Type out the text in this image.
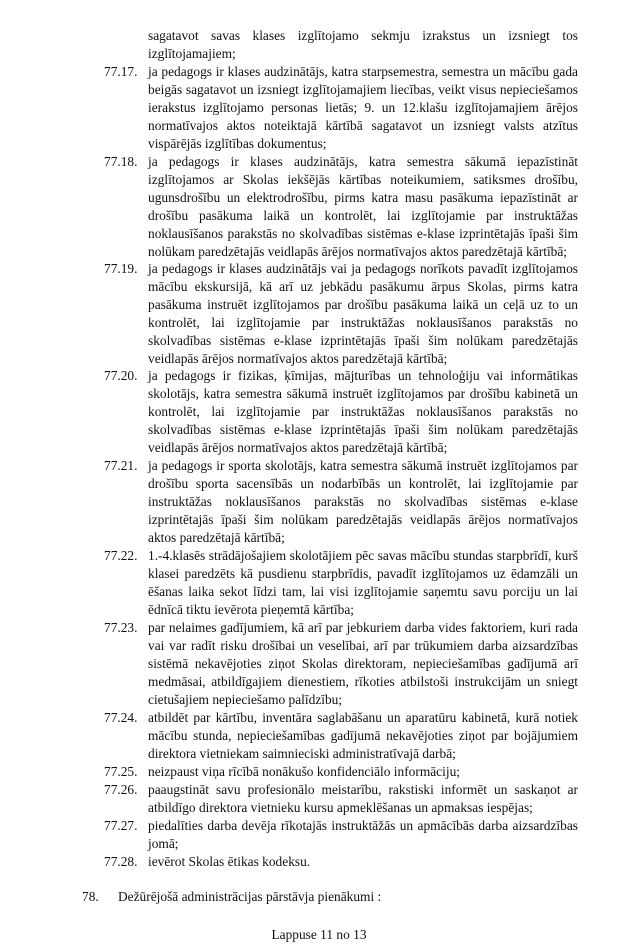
sagatavot savas klases izglītojamo sekmju izrakstus un izsniegt tos izglītojamajiem;
77.17. ja pedagogs ir klases audzinātājs, katra starpsemestra, semestra un mācību gada beigās sagatavot un izsniegt izglītojamajiem liecības, veikt visus nepieciešamos ierakstus izglītojamo personas lietās; 9. un 12.klašu izglītojamajiem ārējos normatīvajos aktos noteiktajā kārtībā sagatavot un izsniegt valsts atzītus vispārējās izglītības dokumentus;
77.18. ja pedagogs ir klases audzinātājs, katra semestra sākumā iepazīstināt izglītojamos ar Skolas iekšējās kārtības noteikumiem, satiksmes drošību, ugunsdrošību un elektrodrošību, pirms katra masu pasākuma iepazīstināt ar drošību pasākuma laikā un kontrolēt, lai izglītojamie par instruktāžas noklausīšanos parakstās no skolvadības sistēmas e-klase izprintētajās īpaši šim nolūkam paredzētajās veidlapās ārējos normatīvajos aktos paredzētajā kārtībā;
77.19. ja pedagogs ir klases audzinātājs vai ja pedagogs norīkots pavadīt izglītojamos mācību ekskursijā, kā arī uz jebkādu pasākumu ārpus Skolas, pirms katra pasākuma instruēt izglītojamos par drošību pasākuma laikā un ceļā uz to un kontrolēt, lai izglītojamie par instruktāžas noklausīšanos parakstās no skolvadības sistēmas e-klase izprintētajās īpaši šim nolūkam paredzētajās veidlapās ārējos normatīvajos aktos paredzētajā kārtībā;
77.20. ja pedagogs ir fizikas, ķīmijas, mājturības un tehnoloģiju vai informātikas skolotājs, katra semestra sākumā instruēt izglītojamos par drošību kabinetā un kontrolēt, lai izglītojamie par instruktāžas noklausīšanos parakstās no skolvadības sistēmas e-klase izprintētajās īpaši šim nolūkam paredzētajās veidlapās ārējos normatīvajos aktos paredzētajā kārtībā;
77.21. ja pedagogs ir sporta skolotājs, katra semestra sākumā instruēt izglītojamos par drošību sporta sacensībās un nodarbībās un kontrolēt, lai izglītojamie par instruktāžas noklausīšanos parakstās no skolvadības sistēmas e-klase izprintētajās īpaši šim nolūkam paredzētajās veidlapās ārējos normatīvajos aktos paredzētajā kārtībā;
77.22. 1.-4.klasēs strādājošajiem skolotājiem pēc savas mācību stundas starpbrīdī, kurš klasei paredzēts kā pusdienu starpbrīdis, pavadīt izglītojamos uz ēdamzāli un ēšanas laika sekot līdzi tam, lai visi izglītojamie saņemtu savu porciju un lai ēdnīcā tiktu ievērota pieņemtā kārtība;
77.23. par nelaimes gadījumiem, kā arī par jebkuriem darba vides faktoriem, kuri rada vai var radīt risku drošībai un veselībai, arī par trūkumiem darba aizsardzības sistēmā nekavējoties ziņot Skolas direktoram, nepieciešamības gadījumā arī medmāsai, atbildīgajiem dienestiem, rīkoties atbilstoši instrukcijām un sniegt cietušajiem nepieciešamo palīdzību;
77.24. atbildēt par kārtību, inventāra saglabāšanu un aparatūru kabinetā, kurā notiek mācību stunda, nepieciešamības gadījumā nekavējoties ziņot par bojājumiem direktora vietniekam saimnieciski administratīvajā darbā;
77.25. neizpaust viņa rīcībā nonākušo konfidenciālo informāciju;
77.26. paaugstināt savu profesionālo meistarību, rakstiski informēt un saskaņot ar atbildīgo direktora vietnieku kursu apmeklēšanas un apmaksas iespējas;
77.27. piedalīties darba devēja rīkotajās instruktāžās un apmācībās darba aizsardzības jomā;
77.28. ievērot Skolas ētikas kodeksu.
78. Dežūrējošā administrācijas pārstāvja pienākumi :
Lappuse 11 no 13
